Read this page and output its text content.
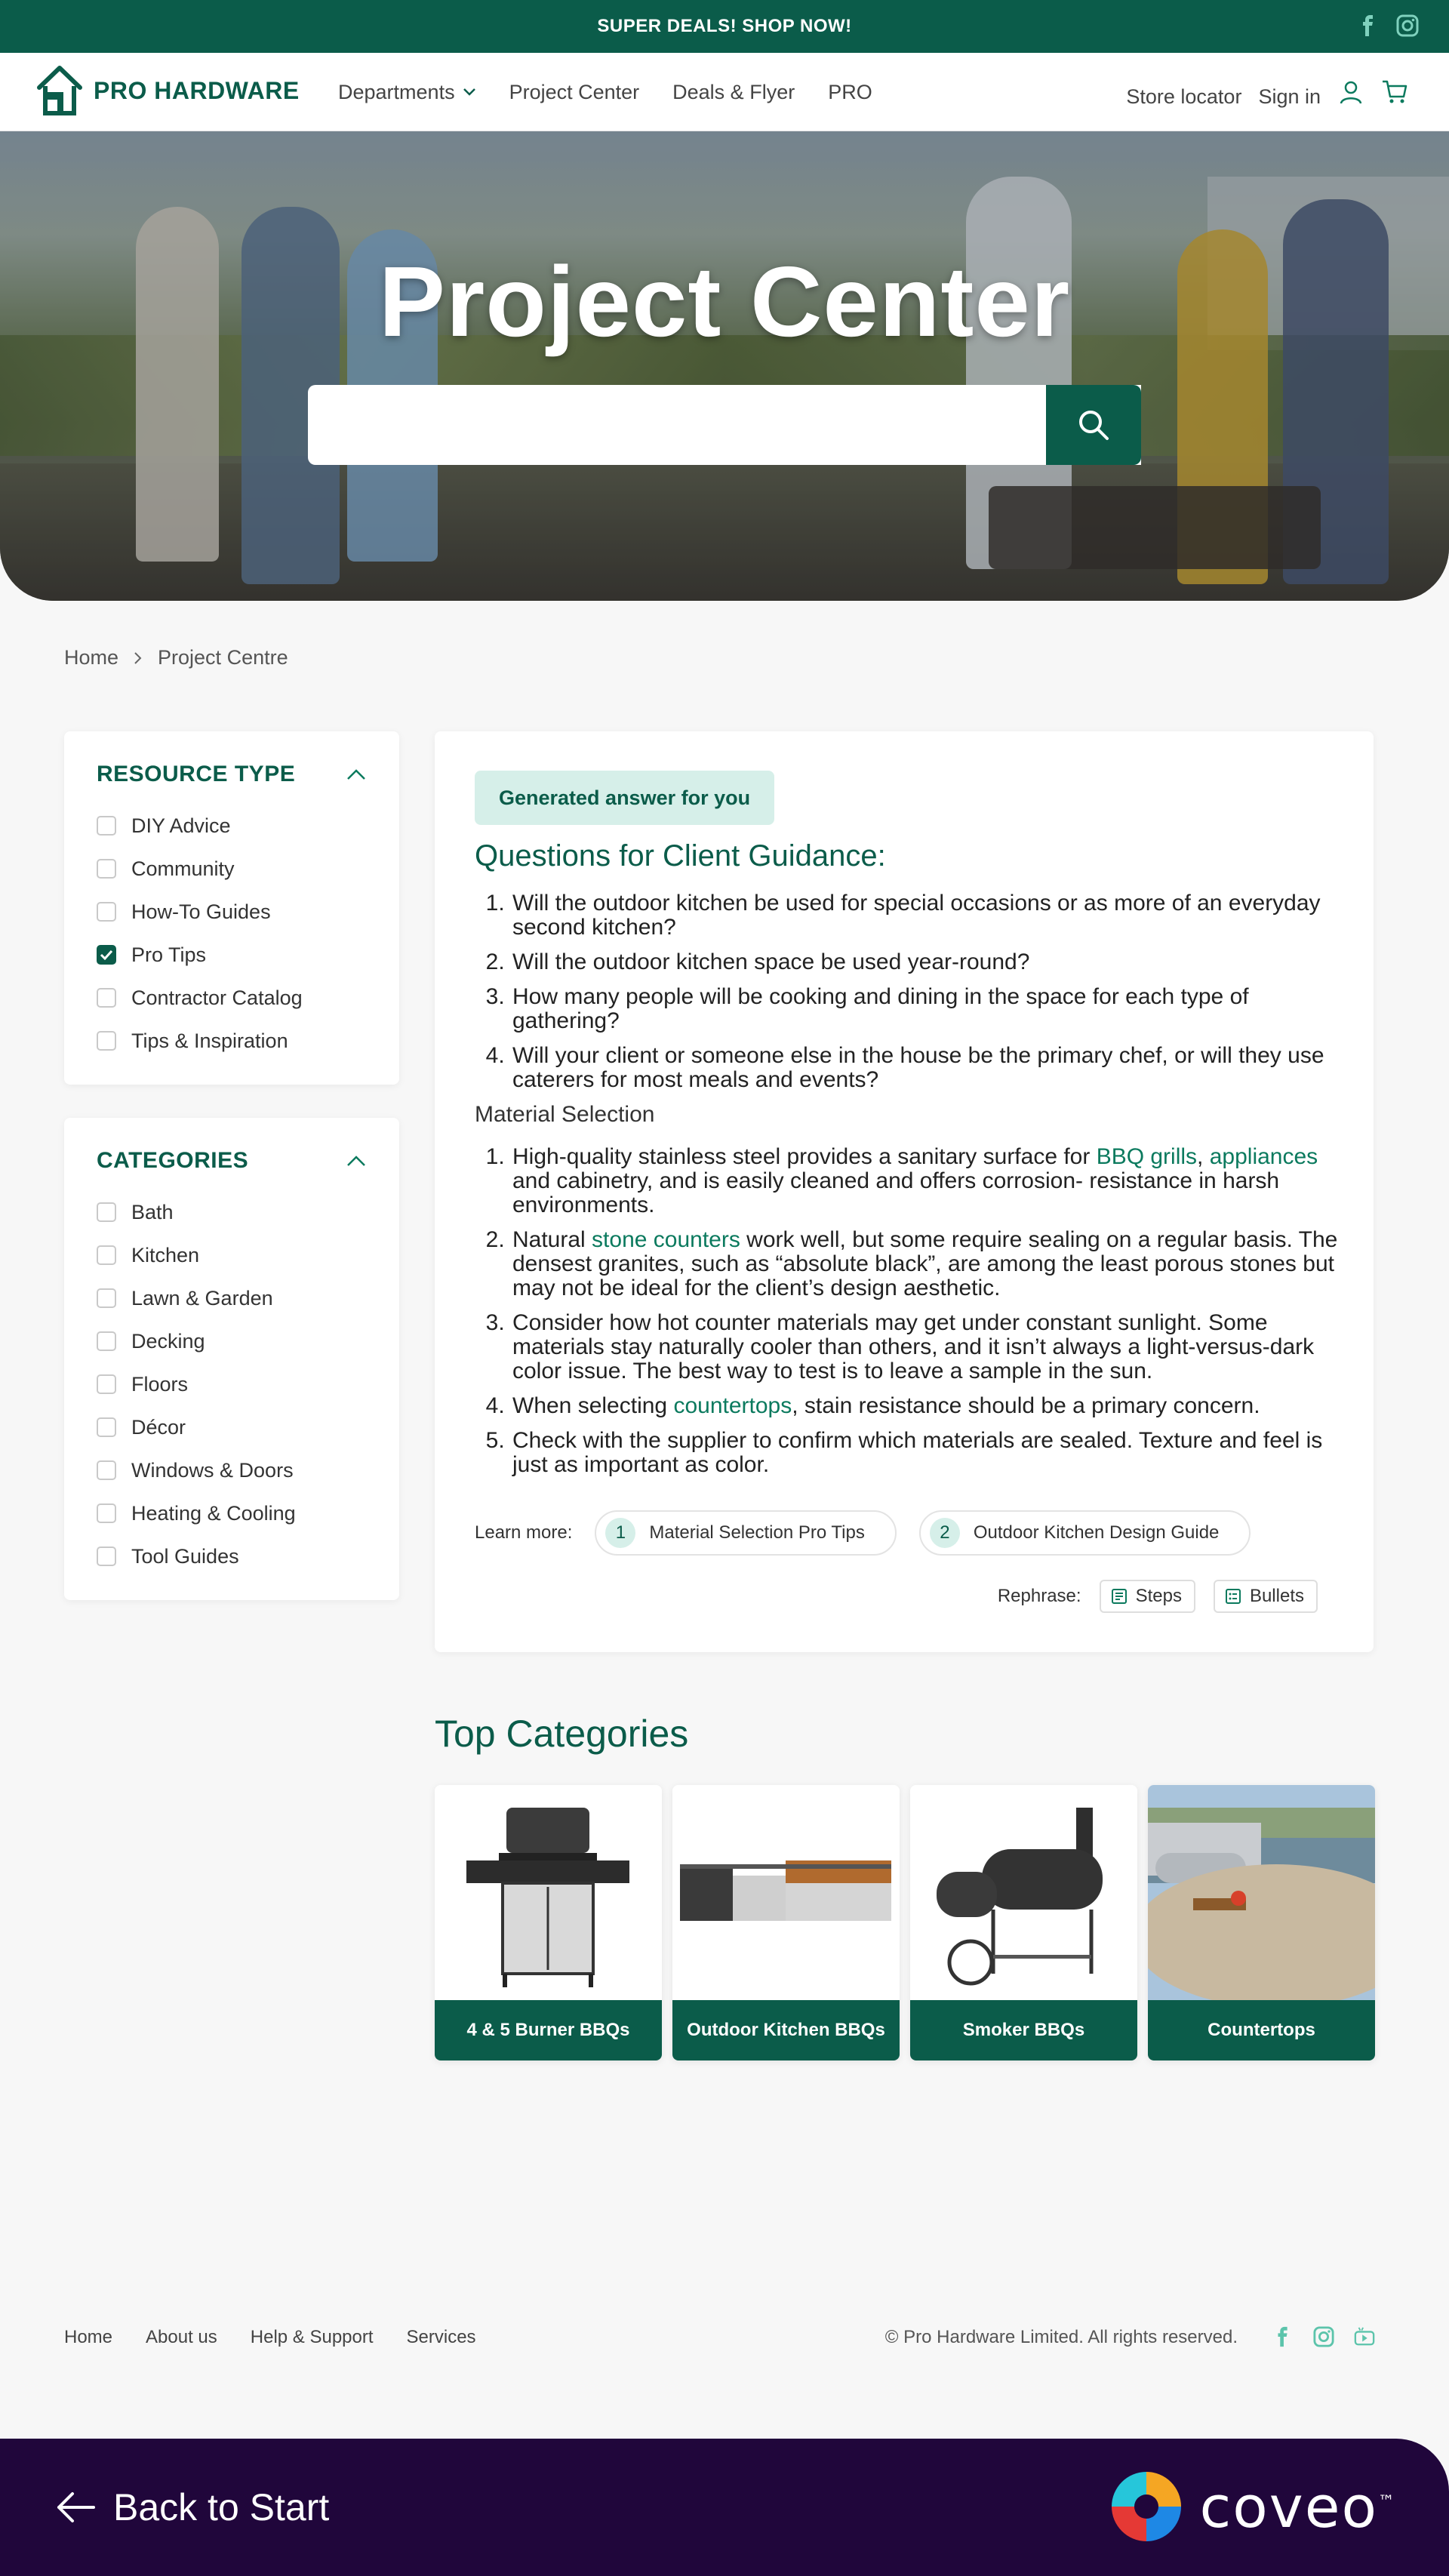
SUPER DEALS! SHOP NOW!
PRO HARDWARE Departments	Project Center Deals & Flyer PRO	Store locator Sign in
Project Center
Home Project Centre
RESOURCE TYPE
DIY Advice
Community
How-To Guides
Pro Tips
Contractor Catalog
Tips & Inspiration
CATEGORIES
Bath
Kitchen
Lawn & Garden
Decking
Floors
Décor
Windows & Doors
Heating & Cooling
Tool Guides
Generated answer for you
Questions for Client Guidance:
1. Will the outdoor kitchen be used for special occasions or as more of an everyday second kitchen?
2. Will the outdoor kitchen space be used year-round?
3. How many people will be cooking and dining in the space for each type of gathering?
4. Will your client or someone else in the house be the primary chef, or will they use caterers for most meals and events?
Material Selection
1. High-quality stainless steel provides a sanitary surface for BBQ grills, appliances and cabinetry, and is easily cleaned and offers corrosion- resistance in harsh environments.
2. Natural stone counters work well, but some require sealing on a regular basis. The densest granites, such as “absolute black”, are among the least porous stones but may not be ideal for the client’s design aesthetic.
3. Consider how hot counter materials may get under constant sunlight. Some materials stay naturally cooler than others, and it isn’t always a light-versus-dark color issue. The best way to test is to leave a sample in the sun.
4. When selecting countertops, stain resistance should be a primary concern.
5. Check with the supplier to confirm which materials are sealed. Texture and feel is just as important as color.
Learn more:	1	Material Selection Pro Tips	2	Outdoor Kitchen Design Guide
Rephrase:	Steps	Bullets
Top Categories
4 & 5 Burner BBQs	Outdoor Kitchen BBQs	Smoker BBQs	Countertops
Home About us Help & Support Services	© Pro Hardware Limited. All rights reserved.
Back to Start	coveo™
